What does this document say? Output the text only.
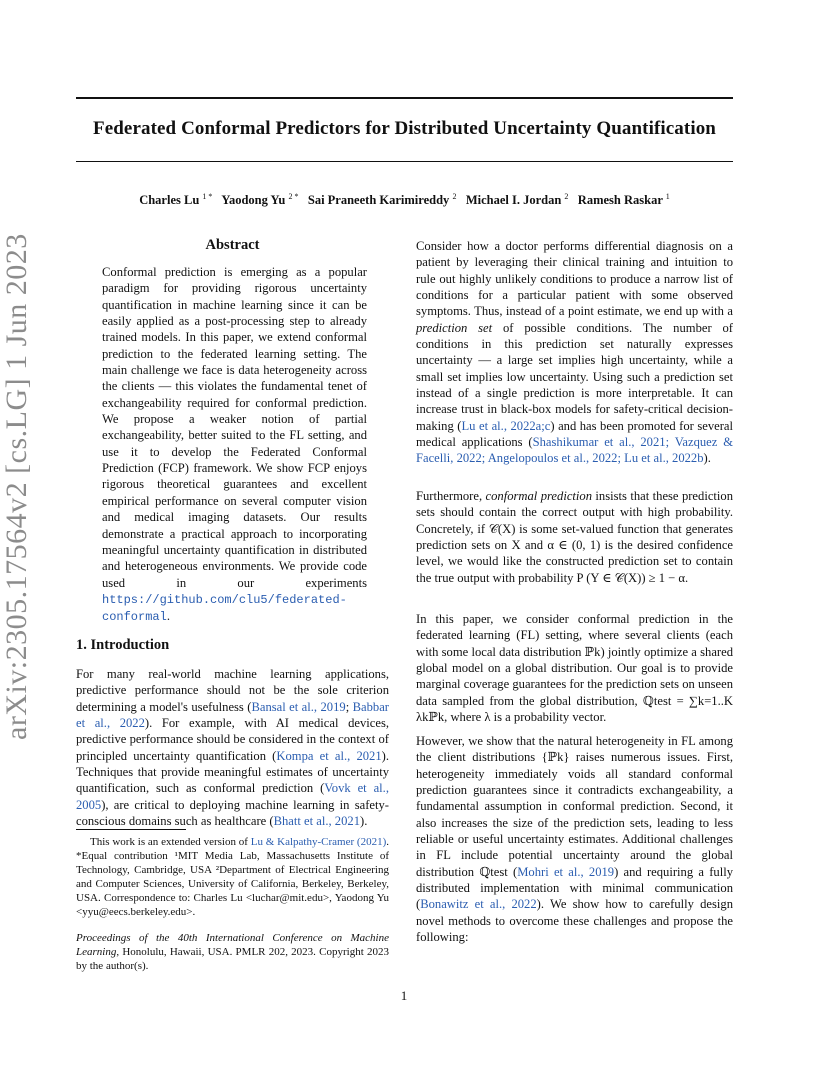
Federated Conformal Predictors for Distributed Uncertainty Quantification
Charles Lu $^{1 *}$ Yaodong Yu $^{2 *}$ Sai Praneeth Karimireddy $^2$ Michael I. Jordan $^2$ Ramesh Raskar $^1$
arXiv:2305.17564v2 [cs.LG] 1 Jun 2023	Abstract

Conformal prediction is emerging as a popular paradigm for providing rigorous uncertainty quantification in machine learning since it can be easily applied as a post-processing step to already trained models. In this paper, we extend conformal prediction to the federated learning setting. The main challenge we face is data heterogeneity across the clients — this violates the fundamental tenet of exchangeability required for conformal prediction. We propose a weaker notion of partial exchangeability, better suited to the FL setting, and use it to develop the Federated Conformal Prediction (FCP) framework. We show FCP enjoys rigorous theoretical guarantees and excellent empirical performance on several computer vision and medical imaging datasets. Our results demonstrate a practical approach to incorporating meaningful uncertainty quantification in distributed and heterogeneous environments. We provide code used in our experiments https://github.com/clu5/federated-conformal.

1. Introduction

For many real-world machine learning applications, predictive performance should not be the sole criterion determining a model's usefulness (Bansal et al., 2019; Babbar et al., 2022). For example, with AI medical devices, predictive performance should be considered in the context of principled uncertainty quantification (Kompa et al., 2021). Techniques that provide meaningful estimates of uncertainty quantification, such as conformal prediction (Vovk et al., 2005), are critical to deploying machine learning in safety-conscious domains such as healthcare (Bhatt et al., 2021).

This work is an extended version of Lu & Kalpathy-Cramer (2021). *Equal contribution ¹MIT Media Lab, Massachusetts Institute of Technology, Cambridge, USA ²Department of Electrical Engineering and Computer Sciences, University of California, Berkeley, Berkeley, USA. Correspondence to: Charles Lu <luchar@mit.edu>, Yaodong Yu <yyu@eecs.berkeley.edu>.

Proceedings of the 40th International Conference on Machine Learning, Honolulu, Hawaii, USA. PMLR 202, 2023. Copyright 2023 by the author(s).

Consider how a doctor performs differential diagnosis on a patient by leveraging their clinical training and intuition to rule out highly unlikely conditions to produce a narrow list of conditions for a particular patient with some observed symptoms. Thus, instead of a point estimate, we end up with a prediction set of possible conditions. The number of conditions in this prediction set naturally expresses uncertainty — a large set implies high uncertainty, while a small set implies low uncertainty. Using such a prediction set instead of a single prediction is more interpretable. It can increase trust in black-box models for safety-critical decision-making (Lu et al., 2022a;c) and has been promoted for several medical applications (Shashikumar et al., 2021; Vazquez & Facelli, 2022; Angelopoulos et al., 2022; Lu et al., 2022b).

Furthermore, conformal prediction insists that these prediction sets should contain the correct output with high probability. Concretely, if 𝒞(X) is some set-valued function that generates prediction sets on X and α ∈ (0, 1) is the desired confidence level, we would like the constructed prediction set to contain the true output with probability P (Y ∈ 𝒞(X)) ≥ 1 − α.

In this paper, we consider conformal prediction in the federated learning (FL) setting, where several clients (each with some local data distribution ℙk) jointly optimize a shared global model on a global distribution. Our goal is to provide marginal coverage guarantees for the prediction sets on unseen data sampled from the global distribution, ℚtest = ∑k=1..K λkℙk, where λ is a probability vector.

However, we show that the natural heterogeneity in FL among the client distributions {ℙk} raises numerous issues. First, heterogeneity immediately voids all standard conformal prediction guarantees since it contradicts exchangeability, a fundamental assumption in conformal prediction. Second, it also increases the size of the prediction sets, leading to less reliable or useful uncertainty estimates. Additional challenges in FL include potential uncertainty around the global distribution ℚtest (Mohri et al., 2019) and requiring a fully distributed implementation with minimal communication (Bonawitz et al., 2022). We show how to carefully design novel methods to overcome these challenges and propose the following:

1
